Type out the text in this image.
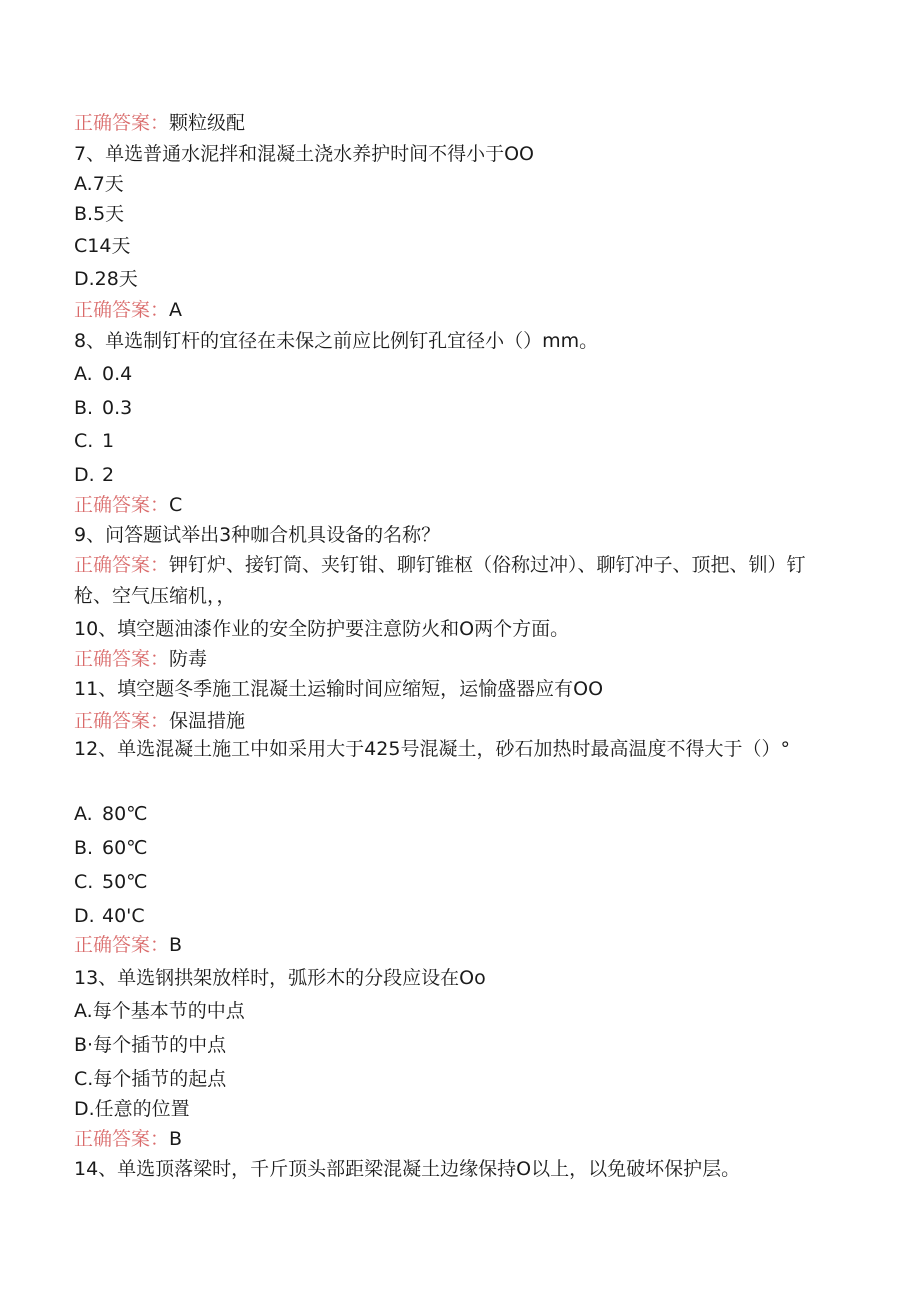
正确答案：颗粒级配
7、单选普通水泥拌和混凝土浇水养护时间不得小于OO
A.7天
B.5天
C14天
D.28天
正确答案：A
8、单选制钉杆的宜径在未保之前应比例钉孔宜径小（）mm。
A. 0.4
B. 0.3
C. 1
D. 2
正确答案：C
9、问答题试举出3种咖合机具设备的名称？
正确答案：钾钉炉、接钉筒、夹钉钳、聊钉锥枢（俗称过冲）、聊钉冲子、顶把、钏）钉枪、空气压缩机，，
10、填空题油漆作业的安全防护要注意防火和O两个方面。
正确答案：防毒
11、填空题冬季施工混凝土运输时间应缩短，运愉盛器应有OO
正确答案：保温措施
12、单选混凝土施工中如采用大于425号混凝土，砂石加热时最高温度不得大于（）°
A. 80℃
B. 60℃
C. 50℃
D. 40'C
正确答案：B
13、单选钢拱架放样时，弧形木的分段应设在Oo
A.每个基本节的中点
B·每个插节的中点
C.每个插节的起点
D.任意的位置
正确答案：B
14、单选顶落梁时，千斤顶头部距梁混凝土边缘保持O以上，以免破坏保护层。
